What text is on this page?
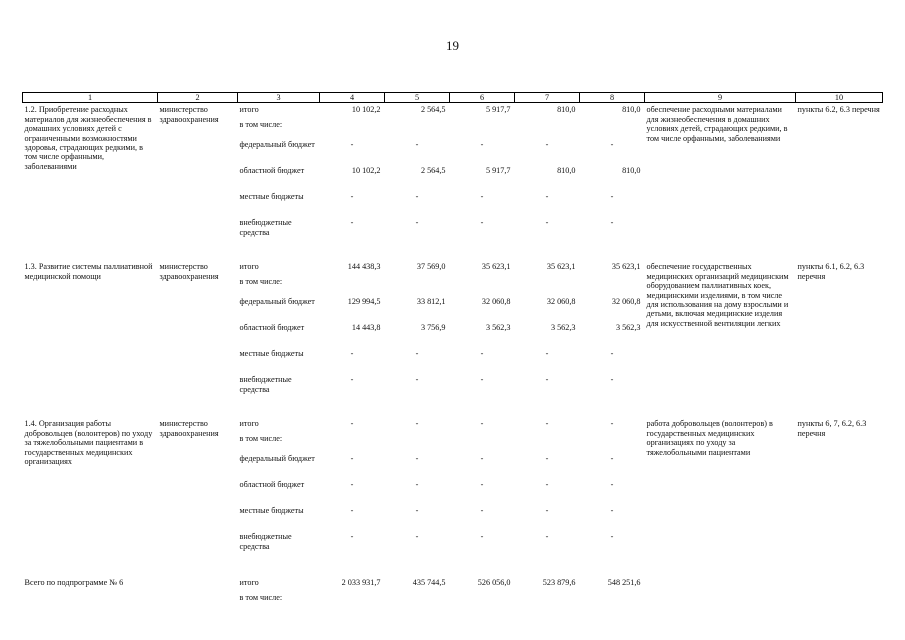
19
1	2	3	4	5	6	7	8	9	10

1.2. Приобретение расходных материалов для жизнеобеспечения в домашних условиях детей с ограниченными возможностями здоровья, страдающих редкими, в том числе орфанными, заболеваниями	министерство здравоохранения	итого	10 102,2	2 564,5	5 917,7	810,0	810,0	обеспечение расходными материалами для жизнеобеспечения в домашних условиях детей, страдающих редкими, в том числе орфанными, заболеваниями	пункты 6.2, 6.3 перечня
		в том числе:							
		федеральный бюджет	-	-	-	-	-		
		областной бюджет	10 102,2	2 564,5	5 917,7	810,0	810,0		
		местные бюджеты	-	-	-	-	-		
		внебюджетные средства	-	-	-	-	-		

1.3. Развитие системы паллиативной медицинской помощи	министерство здравоохранения	итого	144 438,3	37 569,0	35 623,1	35 623,1	35 623,1	обеспечение государственных медицинских организаций медицинским оборудованием паллиативных коек, медицинскими изделиями, в том числе для использования на дому взрослыми и детьми, включая медицинские изделия для искусственной вентиляции легких	пункты 6.1, 6.2, 6.3 перечня
		в том числе:							
		федеральный бюджет	129 994,5	33 812,1	32 060,8	32 060,8	32 060,8		
		областной бюджет	14 443,8	3 756,9	3 562,3	3 562,3	3 562,3		
		местные бюджеты	-	-	-	-	-		
		внебюджетные средства	-	-	-	-	-		

1.4. Организация работы добровольцев (волонтеров) по уходу за тяжелобольными пациентами в государственных медицинских организациях	министерство здравоохранения	итого	-	-	-	-	-	работа добровольцев (волонтеров) в государственных медицинских организациях по уходу за тяжелобольными пациентами	пункты 6, 7, 6.2, 6.3 перечня
		в том числе:							
		федеральный бюджет	-	-	-	-	-		
		областной бюджет	-	-	-	-	-		
		местные бюджеты	-	-	-	-	-		
		внебюджетные средства	-	-	-	-	-		

Всего по подпрограмме № 6		итого	2 033 931,7	435 744,5	526 056,0	523 879,6	548 251,6		
		в том числе:							
